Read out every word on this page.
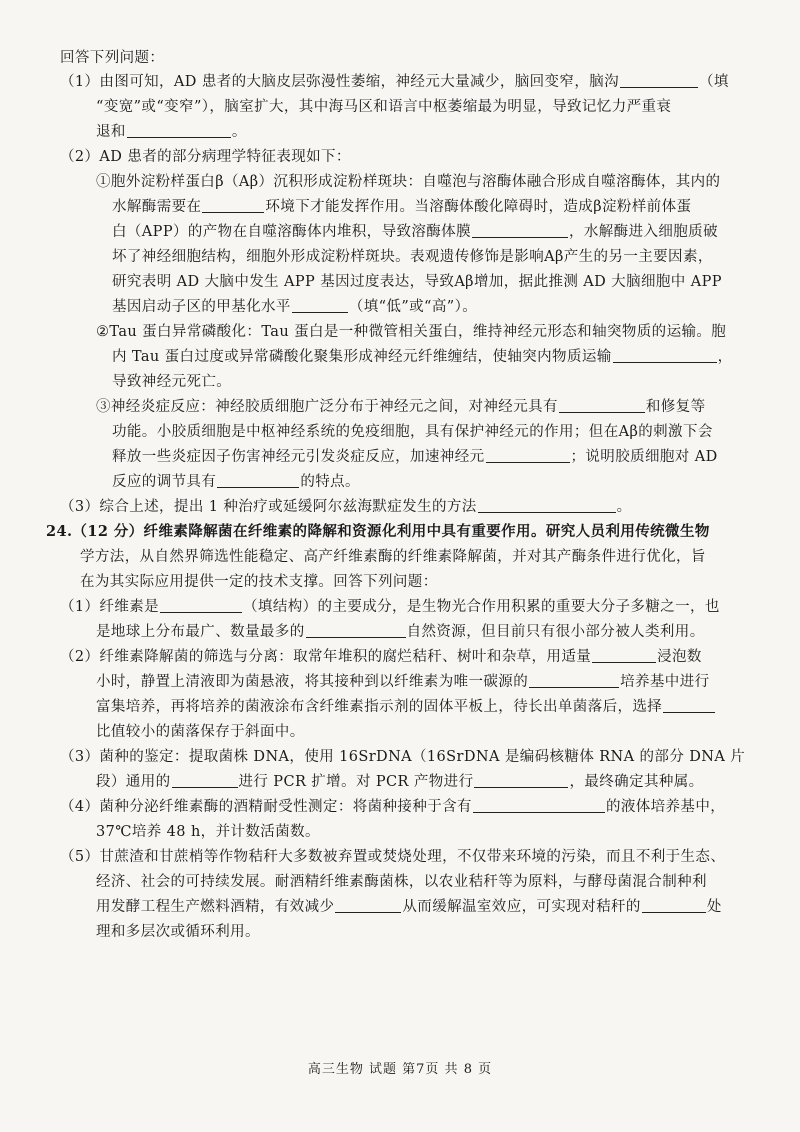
回答下列问题：
（1）由图可知，AD 患者的大脑皮层弥漫性萎缩，神经元大量减少，脑回变窄，脑沟	（填
“变宽”或“变窄”），脑室扩大，其中海马区和语言中枢萎缩最为明显，导致记忆力严重衰
退和	。
（2）AD 患者的部分病理学特征表现如下：
①胞外淀粉样蛋白β（Aβ）沉积形成淀粉样斑块：自噬泡与溶酶体融合形成自噬溶酶体，其内的
水解酶需要在	环境下才能发挥作用。当溶酶体酸化障碍时，造成β淀粉样前体蛋
白（APP）的产物在自噬溶酶体内堆积，导致溶酶体膜	，水解酶进入细胞质破
坏了神经细胞结构，细胞外形成淀粉样斑块。表观遗传修饰是影响Aβ产生的另一主要因素，
研究表明 AD 大脑中发生 APP 基因过度表达，导致Aβ增加，据此推测 AD 大脑细胞中 APP
基因启动子区的甲基化水平	（填“低”或“高”）。
②Tau 蛋白异常磷酸化：Tau 蛋白是一种微管相关蛋白，维持神经元形态和轴突物质的运输。胞
内 Tau 蛋白过度或异常磷酸化聚集形成神经元纤维缠结，使轴突内物质运输	，
导致神经元死亡。
③神经炎症反应：神经胶质细胞广泛分布于神经元之间，对神经元具有	和修复等
功能。小胶质细胞是中枢神经系统的免疫细胞，具有保护神经元的作用；但在Aβ的刺激下会
释放一些炎症因子伤害神经元引发炎症反应，加速神经元	；说明胶质细胞对 AD
反应的调节具有	的特点。
（3）综合上述，提出 1 种治疗或延缓阿尔兹海默症发生的方法	。
24.（12 分）纤维素降解菌在纤维素的降解和资源化利用中具有重要作用。研究人员利用传统微生物
学方法，从自然界筛选性能稳定、高产纤维素酶的纤维素降解菌，并对其产酶条件进行优化，旨
在为其实际应用提供一定的技术支撑。回答下列问题：
（1）纤维素是	（填结构）的主要成分，是生物光合作用积累的重要大分子多糖之一，也
是地球上分布最广、数量最多的	自然资源，但目前只有很小部分被人类利用。
（2）纤维素降解菌的筛选与分离：取常年堆积的腐烂秸秆、树叶和杂草，用适量	浸泡数
小时，静置上清液即为菌悬液，将其接种到以纤维素为唯一碳源的	培养基中进行
富集培养，再将培养的菌液涂布含纤维素指示剂的固体平板上，待长出单菌落后，选择
比值较小的菌落保存于斜面中。
（3）菌种的鉴定：提取菌株 DNA，使用 16SrDNA（16SrDNA 是编码核糖体 RNA 的部分 DNA 片
段）通用的	进行 PCR 扩增。对 PCR 产物进行	，最终确定其种属。
（4）菌种分泌纤维素酶的酒精耐受性测定：将菌种接种于含有	的液体培养基中，
37℃培养 48 h，并计数活菌数。
（5）甘蔗渣和甘蔗梢等作物秸秆大多数被弃置或焚烧处理，不仅带来环境的污染，而且不利于生态、
经济、社会的可持续发展。耐酒精纤维素酶菌株，以农业秸秆等为原料，与酵母菌混合制种利
用发酵工程生产燃料酒精，有效减少	从而缓解温室效应，可实现对秸秆的	处
理和多层次或循环利用。
高三生物 试题 第7页 共 8 页
